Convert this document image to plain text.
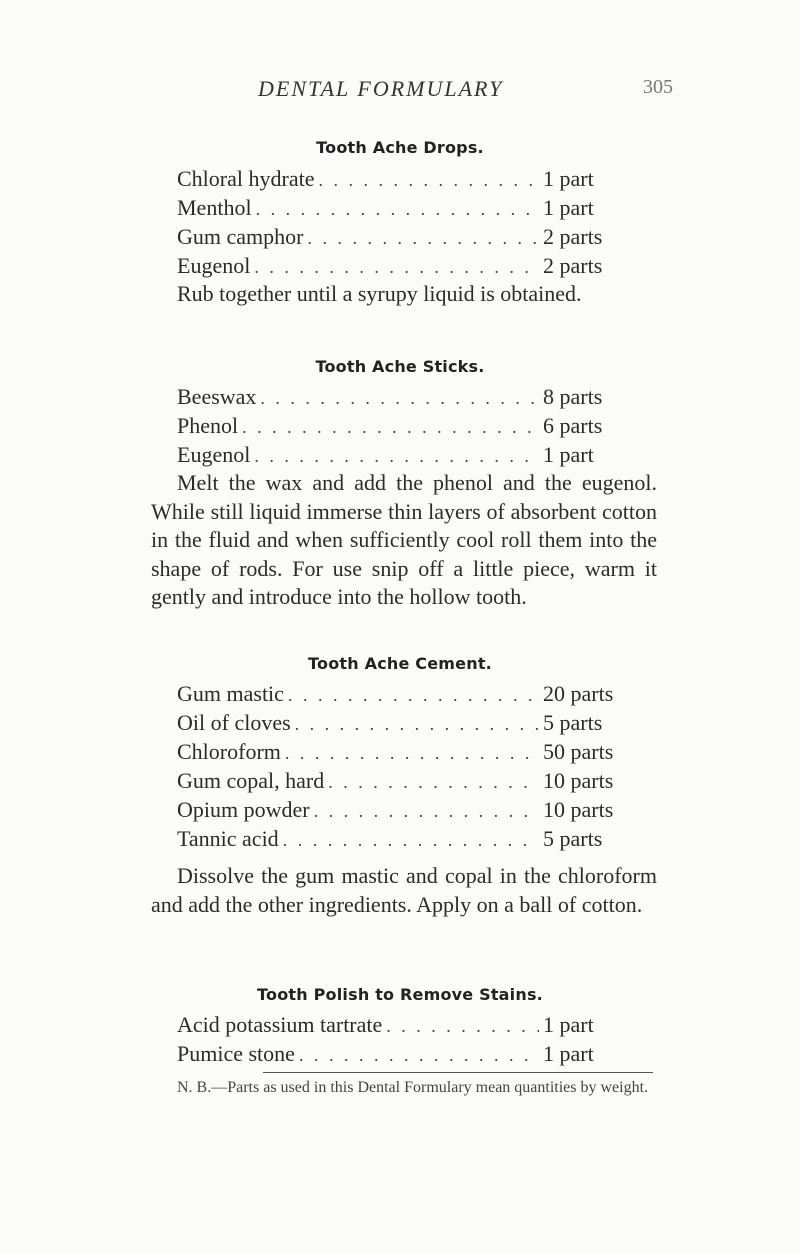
DENTAL FORMULARY	305
Tooth Ache Drops.
Chloral hydrate . . .	1 part
Menthol . . .	1 part
Gum camphor . . .	2 parts
Eugenol . . .	2 parts

Rub together until a syrupy liquid is obtained.

Tooth Ache Sticks.
Beeswax . . .	8 parts
Phenol . . .	6 parts
Eugenol . . .	1 part

Melt the wax and add the phenol and the eugenol. While still liquid immerse thin layers of absorbent cotton in the fluid and when sufficiently cool roll them into the shape of rods. For use snip off a little piece, warm it gently and introduce into the hollow tooth.

Tooth Ache Cement.
Gum mastic . . .	20 parts
Oil of cloves . . .	5 parts
Chloroform . . .	50 parts
Gum copal, hard . . .	10 parts
Opium powder . . .	10 parts
Tannic acid . . .	5 parts

Dissolve the gum mastic and copal in the chloroform and add the other ingredients. Apply on a ball of cotton.

Tooth Polish to Remove Stains.
Acid potassium tartrate . . .	1 part
Pumice stone . . .	1 part

N. B.—Parts as used in this Dental Formulary mean quantities by weight.
